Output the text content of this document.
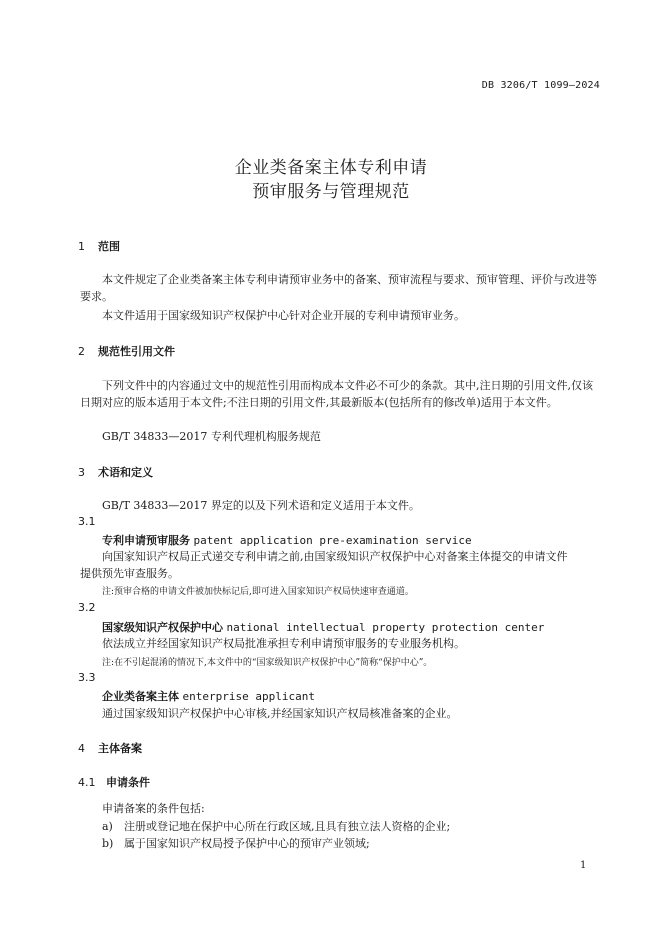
DB 3206/T 1099—2024
企业类备案主体专利申请
预审服务与管理规范
1 范围
本文件规定了企业类备案主体专利申请预审业务中的备案、预审流程与要求、预审管理、评价与改进等要求。
本文件适用于国家级知识产权保护中心针对企业开展的专利申请预审业务。
2 规范性引用文件
下列文件中的内容通过文中的规范性引用而构成本文件必不可少的条款。其中,注日期的引用文件,仅该日期对应的版本适用于本文件;不注日期的引用文件,其最新版本(包括所有的修改单)适用于本文件。
GB/T 34833—2017 专利代理机构服务规范
3 术语和定义
GB/T 34833—2017 界定的以及下列术语和定义适用于本文件。
3.1
专利申请预审服务 patent application pre-examination service
向国家知识产权局正式递交专利申请之前,由国家级知识产权保护中心对备案主体提交的申请文件
提供预先审查服务。
注:预审合格的申请文件被加快标记后,即可进入国家知识产权局快速审查通道。
3.2
国家级知识产权保护中心 national intellectual property protection center
依法成立并经国家知识产权局批准承担专利申请预审服务的专业服务机构。
注:在不引起混淆的情况下,本文件中的“国家级知识产权保护中心”简称“保护中心”。
3.3
企业类备案主体 enterprise applicant
通过国家级知识产权保护中心审核,并经国家知识产权局核准备案的企业。
4 主体备案
4.1 申请条件
申请备案的条件包括:
a) 注册或登记地在保护中心所在行政区域,且具有独立法人资格的企业;
b) 属于国家知识产权局授予保护中心的预审产业领域;
1
